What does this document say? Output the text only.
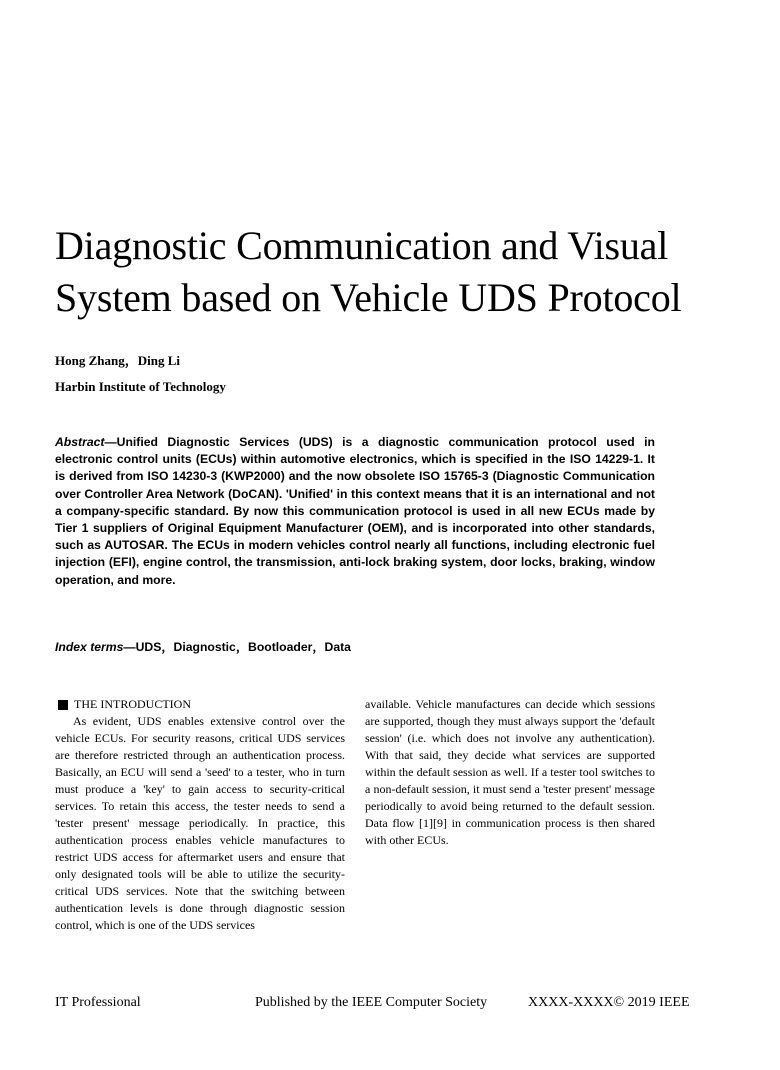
Diagnostic Communication and Visual System based on Vehicle UDS Protocol
Hong Zhang，Ding Li
Harbin Institute of Technology

Abstract—Unified Diagnostic Services (UDS) is a diagnostic communication protocol used in electronic control units (ECUs) within automotive electronics, which is specified in the ISO 14229-1. It is derived from ISO 14230-3 (KWP2000) and the now obsolete ISO 15765-3 (Diagnostic Communication over Controller Area Network (DoCAN). 'Unified' in this context means that it is an international and not a company-specific standard. By now this communication protocol is used in all new ECUs made by Tier 1 suppliers of Original Equipment Manufacturer (OEM), and is incorporated into other standards, such as AUTOSAR. The ECUs in modern vehicles control nearly all functions, including electronic fuel injection (EFI), engine control, the transmission, anti-lock braking system, door locks, braking, window operation, and more.

Index terms—UDS，Diagnostic，Bootloader，Data

THE INTRODUCTION

As evident, UDS enables extensive control over the vehicle ECUs. For security reasons, critical UDS services are therefore restricted through an authentication process. Basically, an ECU will send a 'seed' to a tester, who in turn must produce a 'key' to gain access to security-critical services. To retain this access, the tester needs to send a 'tester present' message periodically. In practice, this authentication process enables vehicle manufactures to restrict UDS access for aftermarket users and ensure that only designated tools will be able to utilize the security-critical UDS services. Note that the switching between authentication levels is done through diagnostic session control, which is one of the UDS services

available. Vehicle manufactures can decide which sessions are supported, though they must always support the 'default session' (i.e. which does not involve any authentication). With that said, they decide what services are supported within the default session as well. If a tester tool switches to a non-default session, it must send a 'tester present' message periodically to avoid being returned to the default session. Data flow [1][9] in communication process is then shared with other ECUs.

IT Professional	Published by the IEEE Computer Society	XXXX-XXXX© 2019 IEEE
